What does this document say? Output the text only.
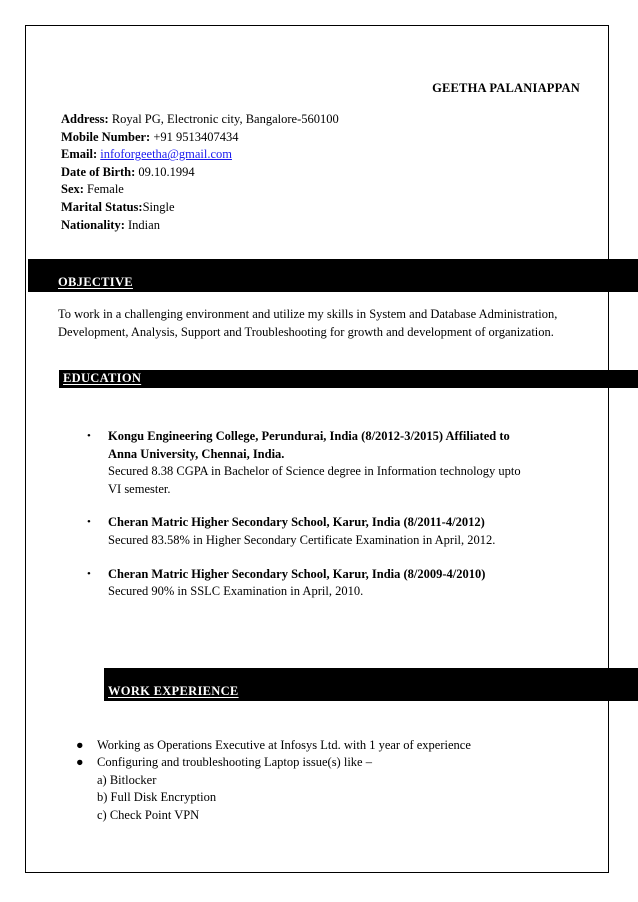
GEETHA PALANIAPPAN
Address: Royal PG, Electronic city, Bangalore-560100
Mobile Number: +91 9513407434
Email: infoforgeetha@gmail.com
Date of Birth: 09.10.1994
Sex: Female
Marital Status:Single
Nationality: Indian
OBJECTIVE
To work in a challenging environment and utilize my skills in System and Database Administration, Development, Analysis, Support and Troubleshooting for growth and development of organization.
EDUCATION
• Kongu Engineering College, Perundurai, India (8/2012-3/2015) Affiliated to Anna University, Chennai, India.
Secured 8.38 CGPA in Bachelor of Science degree in Information technology upto VI semester.
• Cheran Matric Higher Secondary School, Karur, India (8/2011-4/2012)
Secured 83.58% in Higher Secondary Certificate Examination in April, 2012.
• Cheran Matric Higher Secondary School, Karur, India (8/2009-4/2010)
Secured 90% in SSLC Examination in April, 2010.
WORK EXPERIENCE
● Working as Operations Executive at Infosys Ltd. with 1 year of experience
● Configuring and troubleshooting Laptop issue(s) like –
a) Bitlocker
b) Full Disk Encryption
c) Check Point VPN
